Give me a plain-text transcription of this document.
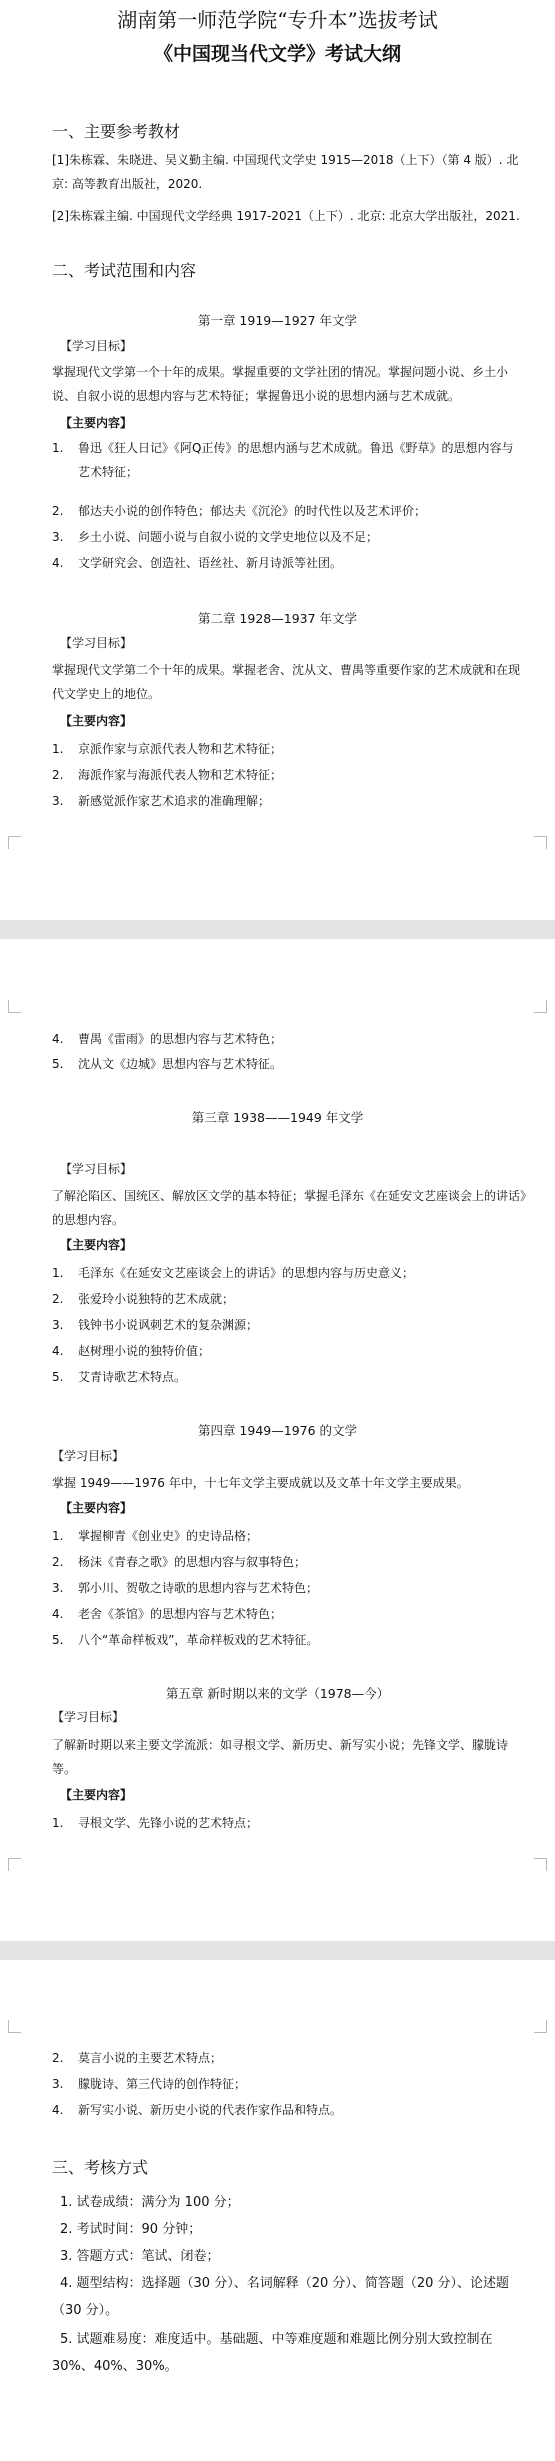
湖南第一师范学院“专升本”选拔考试
《中国现当代文学》考试大纲
一、主要参考教材
[1]朱栋霖、朱晓进、吴义勤主编. 中国现代文学史 1915—2018（上下）（第 4 版）. 北京: 高等教育出版社，2020.
[2]朱栋霖主编. 中国现代文学经典 1917-2021（上下）. 北京: 北京大学出版社，2021.
二、考试范围和内容
第一章 1919—1927 年文学
【学习目标】
掌握现代文学第一个十年的成果。掌握重要的文学社团的情况。掌握问题小说、乡土小说、自叙小说的思想内容与艺术特征；掌握鲁迅小说的思想内涵与艺术成就。
【主要内容】
1. 鲁迅《狂人日记》《阿Q正传》的思想内涵与艺术成就。鲁迅《野草》的思想内容与艺术特征；
2. 郁达夫小说的创作特色；郁达夫《沉沦》的时代性以及艺术评价；
3. 乡土小说、问题小说与自叙小说的文学史地位以及不足；
4. 文学研究会、创造社、语丝社、新月诗派等社团。
第二章 1928—1937 年文学
【学习目标】
掌握现代文学第二个十年的成果。掌握老舍、沈从文、曹禺等重要作家的艺术成就和在现代文学史上的地位。
【主要内容】
1. 京派作家与京派代表人物和艺术特征；
2. 海派作家与海派代表人物和艺术特征；
3. 新感觉派作家艺术追求的准确理解；
4. 曹禺《雷雨》的思想内容与艺术特色；
5. 沈从文《边城》思想内容与艺术特征。
第三章 1938——1949 年文学
【学习目标】
了解沦陷区、国统区、解放区文学的基本特征；掌握毛泽东《在延安文艺座谈会上的讲话》的思想内容。
【主要内容】
1. 毛泽东《在延安文艺座谈会上的讲话》的思想内容与历史意义；
2. 张爱玲小说独特的艺术成就；
3. 钱钟书小说讽刺艺术的复杂渊源；
4. 赵树理小说的独特价值；
5. 艾青诗歌艺术特点。
第四章 1949—1976 的文学
【学习目标】
掌握 1949——1976 年中，十七年文学主要成就以及文革十年文学主要成果。
【主要内容】
1. 掌握柳青《创业史》的史诗品格；
2. 杨沫《青春之歌》的思想内容与叙事特色；
3. 郭小川、贺敬之诗歌的思想内容与艺术特色；
4. 老舍《茶馆》的思想内容与艺术特色；
5. 八个“革命样板戏”，革命样板戏的艺术特征。
第五章 新时期以来的文学（1978—今）
【学习目标】
了解新时期以来主要文学流派：如寻根文学、新历史、新写实小说；先锋文学、朦胧诗等。
【主要内容】
1. 寻根文学、先锋小说的艺术特点；
2. 莫言小说的主要艺术特点；
3. 朦胧诗、第三代诗的创作特征；
4. 新写实小说、新历史小说的代表作家作品和特点。
三、考核方式
1. 试卷成绩：满分为 100 分；
2. 考试时间：90 分钟；
3. 答题方式：笔试、闭卷；
4. 题型结构：选择题（30 分）、名词解释（20 分）、简答题（20 分）、论述题（30 分）。
5. 试题难易度：难度适中。基础题、中等难度题和难题比例分别大致控制在 30%、40%、30%。
